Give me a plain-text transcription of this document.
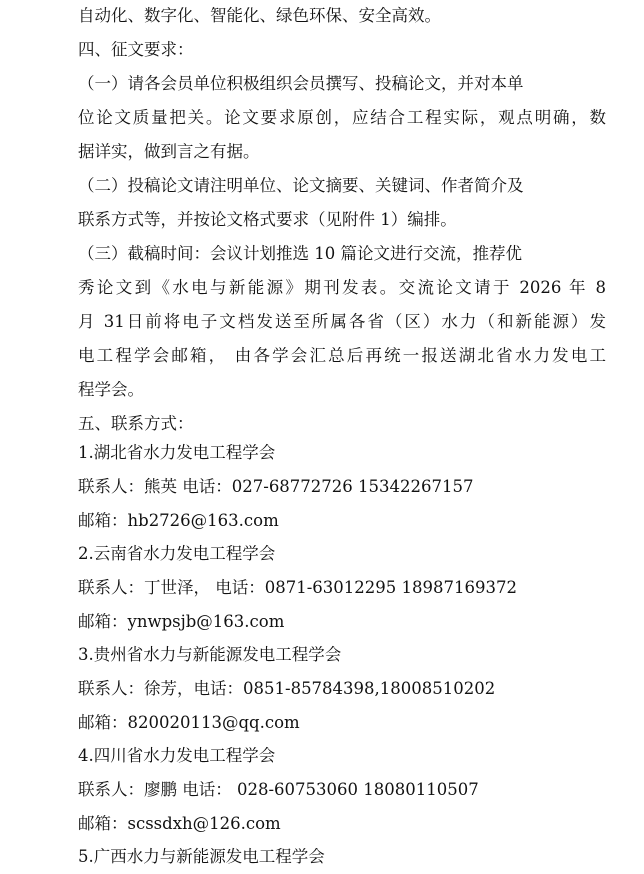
自动化、数字化、智能化、绿色环保、安全高效。
四、征文要求：
（一）请各会员单位积极组织会员撰写、投稿论文，并对本单
位论文质量把关。论文要求原创，应结合工程实际，观点明确，数
据详实，做到言之有据。
（二）投稿论文请注明单位、论文摘要、关键词、作者简介及
联系方式等，并按论文格式要求（见附件 1）编排。
（三）截稿时间：会议计划推选 10 篇论文进行交流，推荐优
秀论文到《水电与新能源》期刊发表。交流论文请于 2026 年 8
月 31日前将电子文档发送至所属各省（区）水力（和新能源）发
电工程学会邮箱， 由各学会汇总后再统一报送湖北省水力发电工
程学会。
五、联系方式：
1.湖北省水力发电工程学会
联系人：熊英 电话：027-68772726 15342267157
邮箱：hb2726@163.com
2.云南省水力发电工程学会
联系人：丁世泽， 电话：0871-63012295 18987169372
邮箱：ynwpsjb@163.com
3.贵州省水力与新能源发电工程学会
联系人：徐芳，电话：0851-85784398,18008510202
邮箱：820020113@qq.com
4.四川省水力发电工程学会
联系人：廖鹏 电话： 028-60753060 18080110507
邮箱：scssdxh@126.com
5.广西水力与新能源发电工程学会
